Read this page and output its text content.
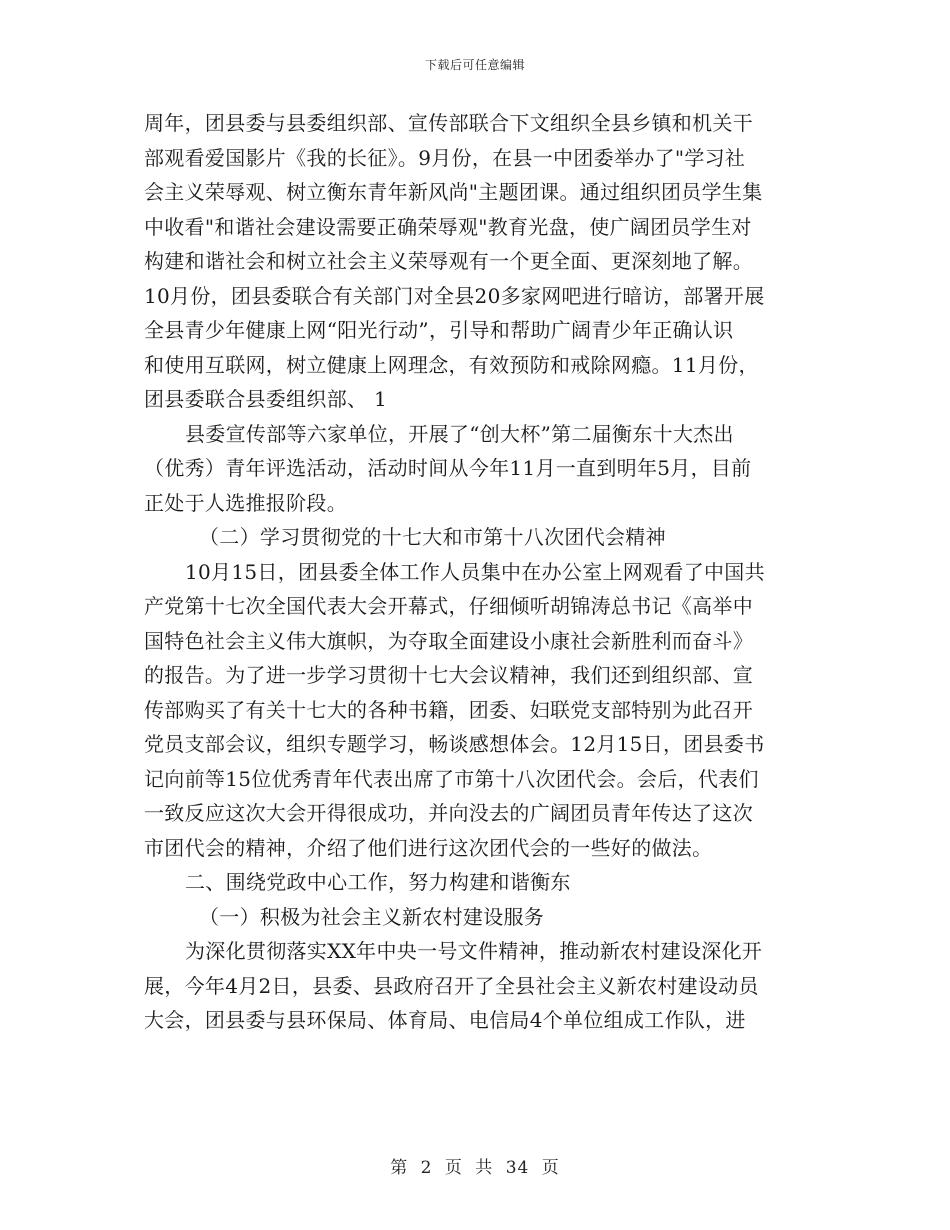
下载后可任意编辑
周年，团县委与县委组织部、宣传部联合下文组织全县乡镇和机关干
部观看爱国影片《我的长征》。9月份，在县一中团委举办了"学习社
会主义荣辱观、树立衡东青年新风尚"主题团课。通过组织团员学生集
中收看"和谐社会建设需要正确荣辱观"教育光盘，使广阔团员学生对
构建和谐社会和树立社会主义荣辱观有一个更全面、更深刻地了解。
10月份，团县委联合有关部门对全县20多家网吧进行暗访，部署开展
全县青少年健康上网“阳光行动”，引导和帮助广阔青少年正确认识
和使用互联网，树立健康上网理念，有效预防和戒除网瘾。11月份，
团县委联合县委组织部、 1
县委宣传部等六家单位，开展了“创大杯”第二届衡东十大杰出
（优秀）青年评选活动，活动时间从今年11月一直到明年5月，目前
正处于人选推报阶段。
（二）学习贯彻党的十七大和市第十八次团代会精神
10月15日，团县委全体工作人员集中在办公室上网观看了中国共
产党第十七次全国代表大会开幕式，仔细倾听胡锦涛总书记《高举中
国特色社会主义伟大旗帜，为夺取全面建设小康社会新胜利而奋斗》
的报告。为了进一步学习贯彻十七大会议精神，我们还到组织部、宣
传部购买了有关十七大的各种书籍，团委、妇联党支部特别为此召开
党员支部会议，组织专题学习，畅谈感想体会。12月15日，团县委书
记向前等15位优秀青年代表出席了市第十八次团代会。会后，代表们
一致反应这次大会开得很成功，并向没去的广阔团员青年传达了这次
市团代会的精神，介绍了他们进行这次团代会的一些好的做法。
二、围绕党政中心工作，努力构建和谐衡东
（一）积极为社会主义新农村建设服务
为深化贯彻落实XX年中央一号文件精神，推动新农村建设深化开
展，今年4月2日，县委、县政府召开了全县社会主义新农村建设动员
大会，团县委与县环保局、体育局、电信局4个单位组成工作队，进
第 2 页 共 34 页
